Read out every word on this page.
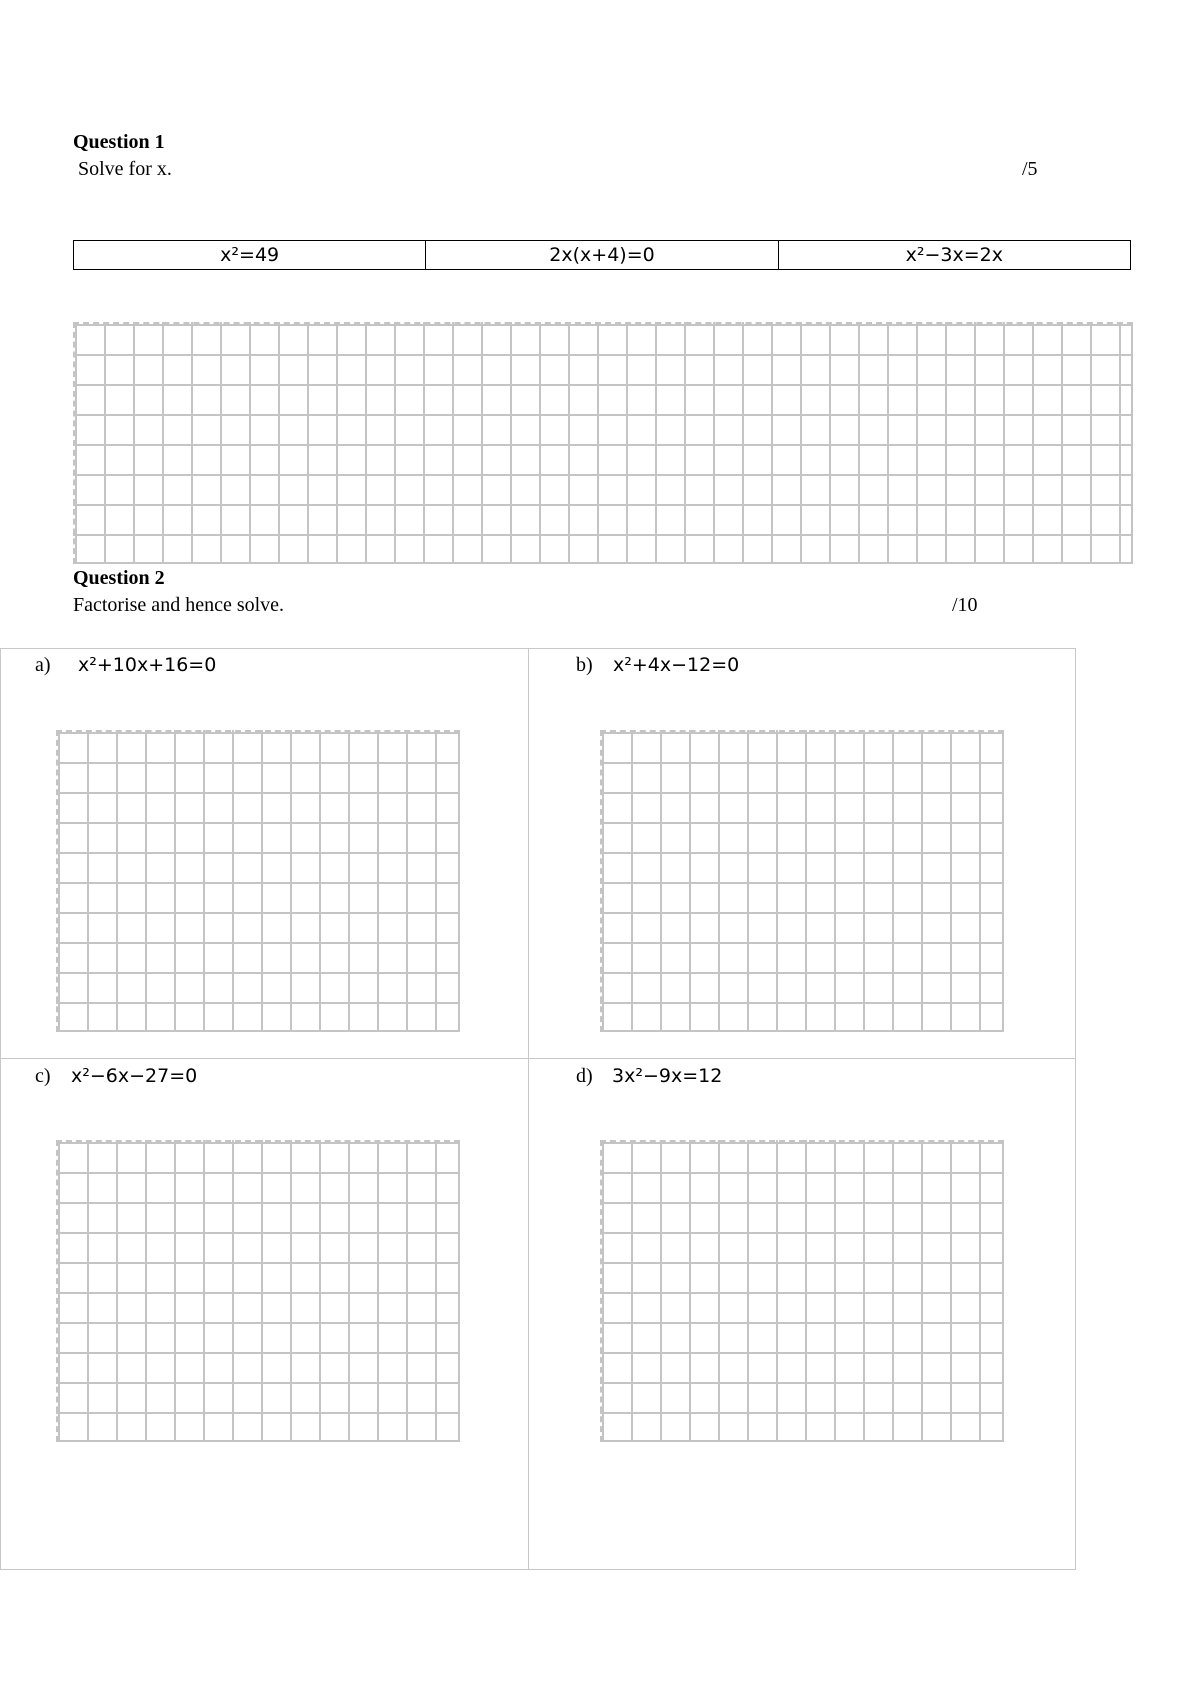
Question 1
Solve for x.	/5
x²=49	2x(x+4)=0	x²−3x=2x
Question 2
Factorise and hence solve.	/10
a) x²+10x+16=0	b) x²+4x−12=0
c) x²−6x−27=0	d) 3x²−9x=12
